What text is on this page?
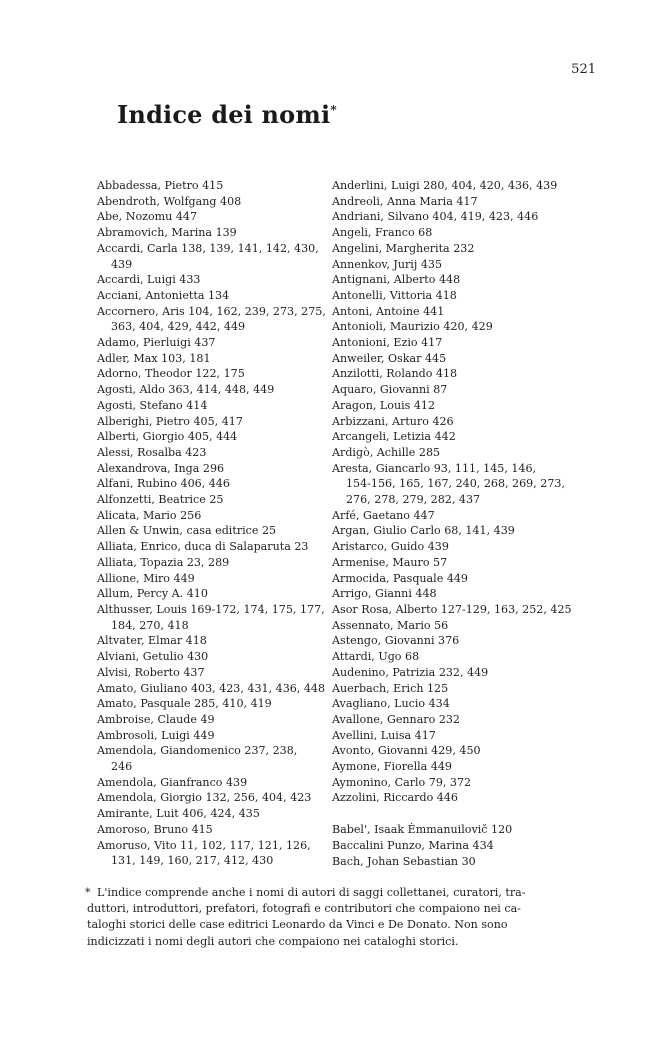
521
Indice dei nomi*
Abbadessa, Pietro 415
Abendroth, Wolfgang 408
Abe, Nozomu 447
Abramovich, Marina 139
Accardi, Carla 138, 139, 141, 142, 430,
439
Accardi, Luigi 433
Acciani, Antonietta 134
Accornero, Aris 104, 162, 239, 273, 275,
363, 404, 429, 442, 449
Adamo, Pierluigi 437
Adler, Max 103, 181
Adorno, Theodor 122, 175
Agosti, Aldo 363, 414, 448, 449
Agosti, Stefano 414
Alberighi, Pietro 405, 417
Alberti, Giorgio 405, 444
Alessi, Rosalba 423
Alexandrova, Inga 296
Alfani, Rubino 406, 446
Alfonzetti, Beatrice 25
Alicata, Mario 256
Allen & Unwin, casa editrice 25
Alliata, Enrico, duca di Salaparuta 23
Alliata, Topazia 23, 289
Allione, Miro 449
Allum, Percy A. 410
Althusser, Louis 169-172, 174, 175, 177,
184, 270, 418
Altvater, Elmar 418
Alviani, Getulio 430
Alvisi, Roberto 437
Amato, Giuliano 403, 423, 431, 436, 448
Amato, Pasquale 285, 410, 419
Ambroise, Claude 49
Ambrosoli, Luigi 449
Amendola, Giandomenico 237, 238,
246
Amendola, Gianfranco 439
Amendola, Giorgio 132, 256, 404, 423
Amirante, Luit 406, 424, 435
Amoroso, Bruno 415
Amoruso, Vito 11, 102, 117, 121, 126,
131, 149, 160, 217, 412, 430
Anderlini, Luigi 280, 404, 420, 436, 439
Andreoli, Anna Maria 417
Andriani, Silvano 404, 419, 423, 446
Angeli, Franco 68
Angelini, Margherita 232
Annenkov, Jurij 435
Antignani, Alberto 448
Antonelli, Vittoria 418
Antoni, Antoine 441
Antonioli, Maurizio 420, 429
Antonioni, Ezio 417
Anweiler, Oskar 445
Anzilotti, Rolando 418
Aquaro, Giovanni 87
Aragon, Louis 412
Arbizzani, Arturo 426
Arcangeli, Letizia 442
Ardigò, Achille 285
Aresta, Giancarlo 93, 111, 145, 146,
154-156, 165, 167, 240, 268, 269, 273,
276, 278, 279, 282, 437
Arfé, Gaetano 447
Argan, Giulio Carlo 68, 141, 439
Aristarco, Guido 439
Armenise, Mauro 57
Armocida, Pasquale 449
Arrigo, Gianni 448
Asor Rosa, Alberto 127-129, 163, 252, 425
Assennato, Mario 56
Astengo, Giovanni 376
Attardi, Ugo 68
Audenino, Patrizia 232, 449
Auerbach, Erich 125
Avagliano, Lucio 434
Avallone, Gennaro 232
Avellini, Luisa 417
Avonto, Giovanni 429, 450
Aymone, Fiorella 449
Aymonino, Carlo 79, 372
Azzolini, Riccardo 446
Babel', Isaak Ėmmanuilovič 120
Baccalini Punzo, Marina 434
Bach, Johan Sebastian 30
* L'indice comprende anche i nomi di autori di saggi collettanei, curatori, tra-
duttori, introduttori, prefatori, fotografi e contributori che compaiono nei ca-
taloghi storici delle case editrici Leonardo da Vinci e De Donato. Non sono
indicizzati i nomi degli autori che compaiono nei cataloghi storici.
